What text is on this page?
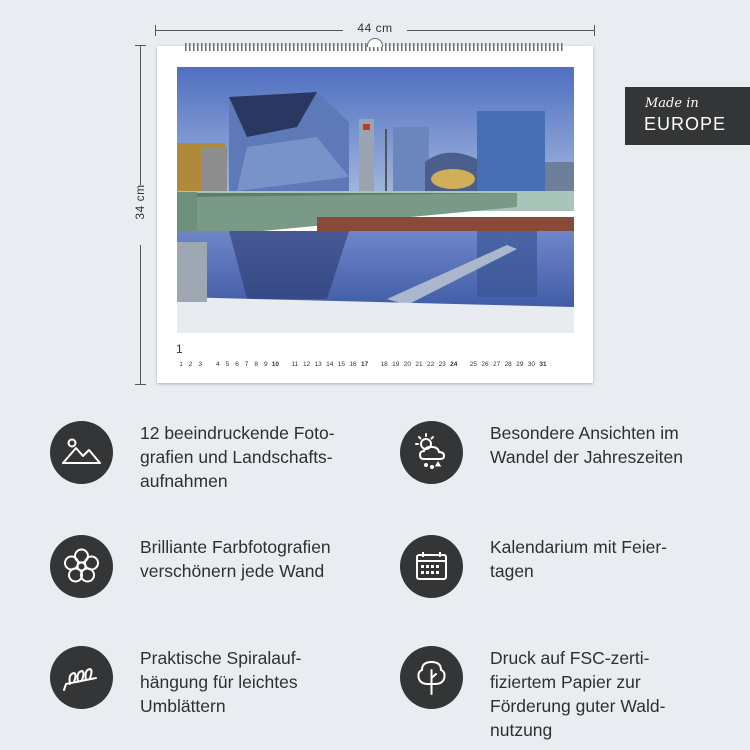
44 cm
34 cm
1
1 2 3	4 5 6 7 8 9 10 11 12 13 14 15 16 17 18 19 20 21 22 23 24 25 26 27 28 29 30 31
Made in
EUROPE
12 beeindruckende Foto-
grafien und Landschafts-
aufnahmen
Besondere Ansichten im
Wandel der Jahreszeiten
Brilliante Farbfotografien
verschönern jede Wand
Kalendarium mit Feier-
tagen
Praktische Spiralauf-
hängung für leichtes
Umblättern
Druck auf FSC-zerti-
fiziertem Papier zur
Förderung guter Wald-
nutzung
